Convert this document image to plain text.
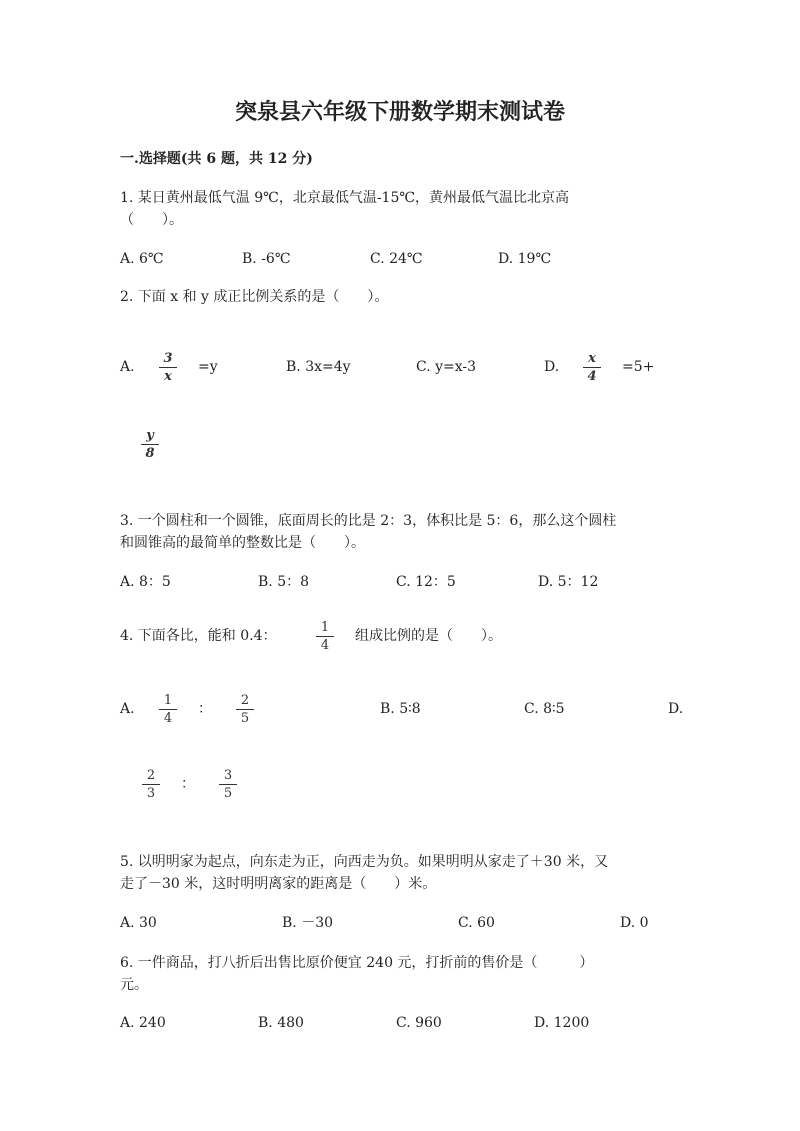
突泉县六年级下册数学期末测试卷
一.选择题(共 6 题，共 12 分)
1. 某日黄州最低气温 9℃，北京最低气温-15℃，黄州最低气温比北京高
（　　）。
A. 6℃	B. -6℃	C. 24℃	D. 19℃
2. 下面 x 和 y 成正比例关系的是（　　）。
A.
3
x
=y	B. 3x=4y	C. y=x-3	D.
x
4
=5+
y
8
3. 一个圆柱和一个圆锥，底面周长的比是 2：3，体积比是 5：6，那么这个圆柱
和圆锥高的最简单的整数比是（　　）。
A. 8：5	B. 5：8	C. 12：5	D. 5：12
4. 下面各比，能和 0.4：
1
4
组成比例的是（　　）。
A.
1
4
：
2
5
B. 5∶8	C. 8∶5	D.
2
3
：
3
5
5. 以明明家为起点，向东走为正，向西走为负。如果明明从家走了＋30 米，又
走了－30 米，这时明明离家的距离是（　　）米。
A. 30	B. －30	C. 60	D. 0
6. 一件商品，打八折后出售比原价便宜 240 元，打折前的售价是（　　　）
元。
A. 240	B. 480	C. 960	D. 1200
